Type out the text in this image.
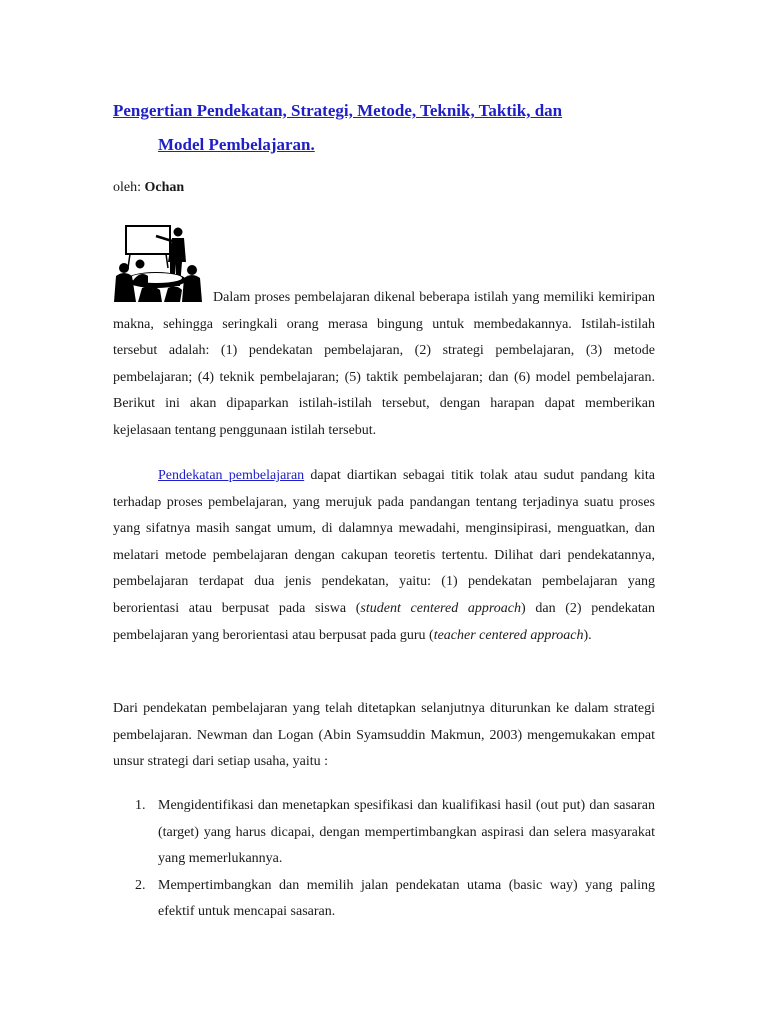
Pengertian Pendekatan, Strategi, Metode, Teknik, Taktik, dan
Model Pembelajaran.

oleh: Ochan

Dalam proses pembelajaran dikenal beberapa istilah yang memiliki kemiripan makna, sehingga seringkali orang merasa bingung untuk membedakannya. Istilah-istilah tersebut adalah: (1) pendekatan pembelajaran, (2) strategi pembelajaran, (3) metode pembelajaran; (4) teknik pembelajaran; (5) taktik pembelajaran; dan (6) model pembelajaran. Berikut ini akan dipaparkan istilah-istilah tersebut, dengan harapan dapat memberikan kejelasaan tentang penggunaan istilah tersebut.

Pendekatan pembelajaran dapat diartikan sebagai titik tolak atau sudut pandang kita terhadap proses pembelajaran, yang merujuk pada pandangan tentang terjadinya suatu proses yang sifatnya masih sangat umum, di dalamnya mewadahi, menginsipirasi, menguatkan, dan melatari metode pembelajaran dengan cakupan teoretis tertentu. Dilihat dari pendekatannya, pembelajaran terdapat dua jenis pendekatan, yaitu: (1) pendekatan pembelajaran yang berorientasi atau berpusat pada siswa (student centered approach) dan (2) pendekatan pembelajaran yang berorientasi atau berpusat pada guru (teacher centered approach).

Dari pendekatan pembelajaran yang telah ditetapkan selanjutnya diturunkan ke dalam strategi pembelajaran. Newman dan Logan (Abin Syamsuddin Makmun, 2003) mengemukakan empat unsur strategi dari setiap usaha, yaitu :

1. Mengidentifikasi dan menetapkan spesifikasi dan kualifikasi hasil (out put) dan sasaran (target) yang harus dicapai, dengan mempertimbangkan aspirasi dan selera masyarakat yang memerlukannya.
2. Mempertimbangkan dan memilih jalan pendekatan utama (basic way) yang paling efektif untuk mencapai sasaran.
